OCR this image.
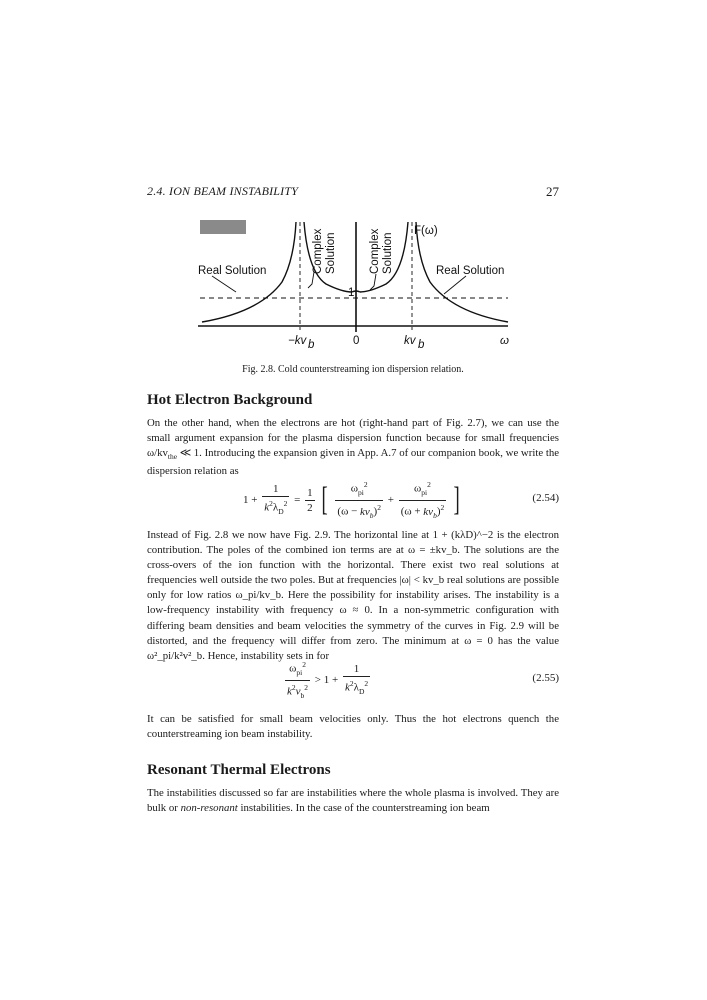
2.4. ION BEAM INSTABILITY	27
Complex Solution	Complex Solution
F(ω)
Real Solution	Real Solution
1
−kv b	0	kv b	ω
Fig. 2.8. Cold counterstreaming ion dispersion relation.
Hot Electron Background
On the other hand, when the electrons are hot (right-hand part of Fig. 2.7), we can use the small argument expansion for the plasma dispersion function because for small frequencies $\omega/kv_{the}$ ≪ 1. Introducing the expansion given in App. A.7 of our companion book, we write the dispersion relation as
$1 + \frac{1}{k^2\lambda_D^2} = \frac{1}{2}$ [ $\frac{\omega_{pi}^2}{(\omega - kv_b)^2} + \frac{\omega_{pi}^2}{(\omega + kv_b)^2}$ ]	(2.54)
Instead of Fig. 2.8 we now have Fig. 2.9. The horizontal line at 1 + (kλD)^−2 is the electron contribution. The poles of the combined ion terms are at ω = ±kv_b. The solutions are the cross-overs of the ion function with the horizontal. There exist two real solutions at frequencies well outside the two poles. But at frequencies |ω| < kv_b real solutions are possible only for low ratios ω_pi/kv_b. Here the possibility for instability arises. The instability is a low-frequency instability with frequency ω ≈ 0. In a non-symmetric configuration with differing beam densities and beam velocities the symmetry of the curves in Fig. 2.9 will be distorted, and the frequency will differ from zero. The minimum at ω = 0 has the value ω²_pi/k²v²_b. Hence, instability sets in for
$\frac{\omega_{pi}^2}{k^2v_b^2} > 1 + \frac{1}{k^2\lambda_D^2}$	(2.55)
It can be satisfied for small beam velocities only. Thus the hot electrons quench the counterstreaming ion beam instability.
Resonant Thermal Electrons
The instabilities discussed so far are instabilities where the whole plasma is involved. They are bulk or non-resonant instabilities. In the case of the counterstreaming ion beam
